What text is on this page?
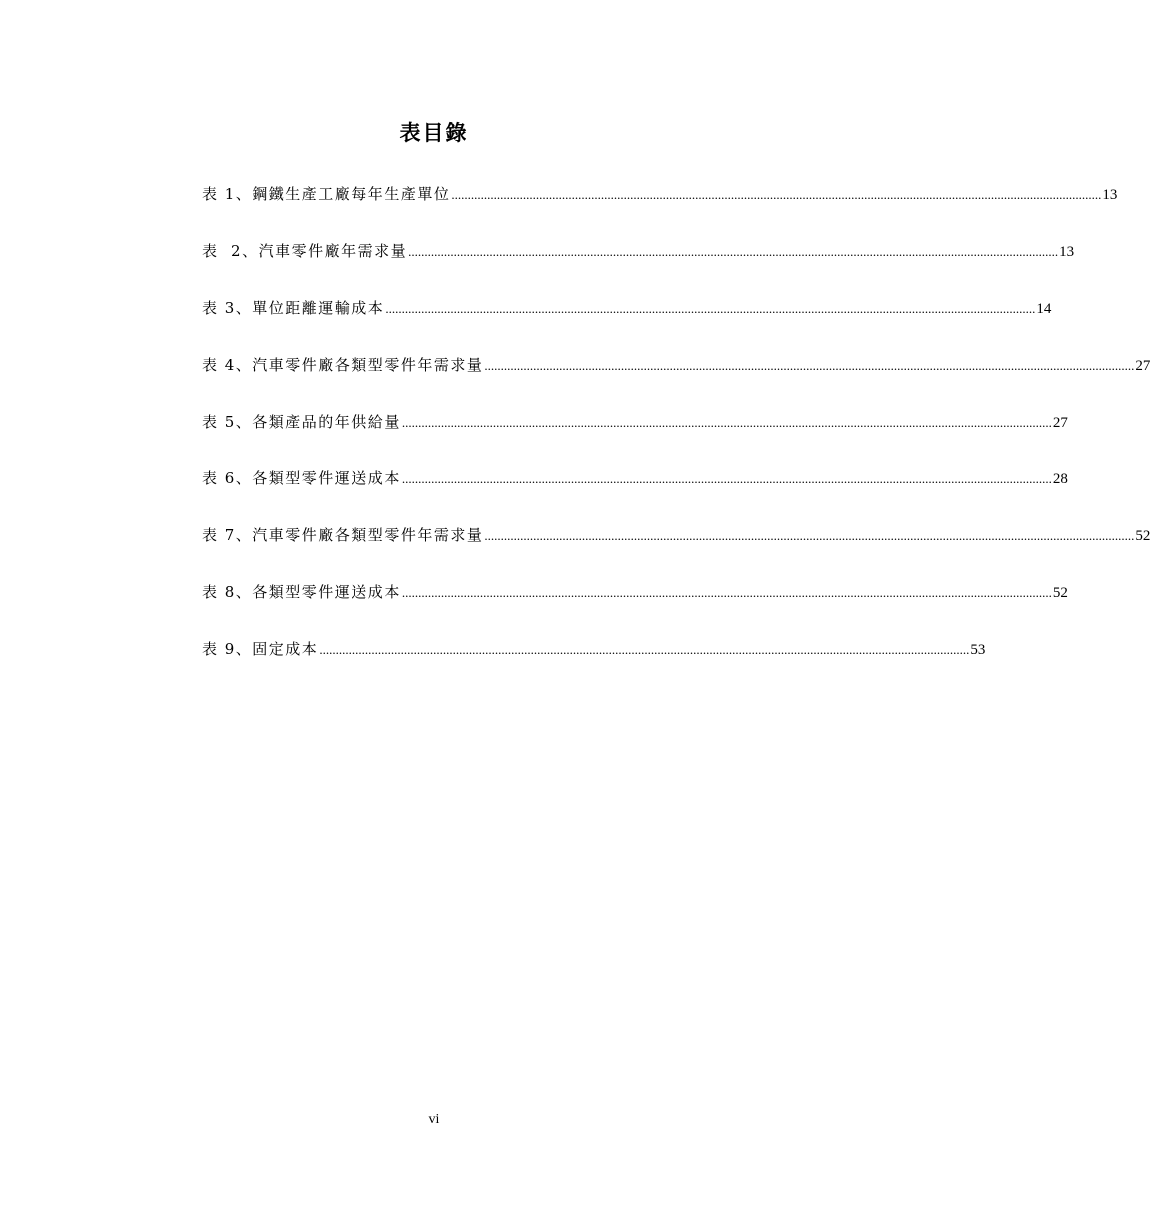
表目錄
表 1、鋼鐵生產工廠每年生產單位 ........................................................................................................................................................................................................ 13
表  2、汽車零件廠年需求量 ........................................................................................................................................................................................................ 13
表 3、單位距離運輸成本 ........................................................................................................................................................................................................ 14
表 4、汽車零件廠各類型零件年需求量 ........................................................................................................................................................................................................ 27
表 5、各類產品的年供給量 ........................................................................................................................................................................................................ 27
表 6、各類型零件運送成本 ........................................................................................................................................................................................................ 28
表 7、汽車零件廠各類型零件年需求量 ........................................................................................................................................................................................................ 52
表 8、各類型零件運送成本 ........................................................................................................................................................................................................ 52
表 9、固定成本 ........................................................................................................................................................................................................ 53
vi
